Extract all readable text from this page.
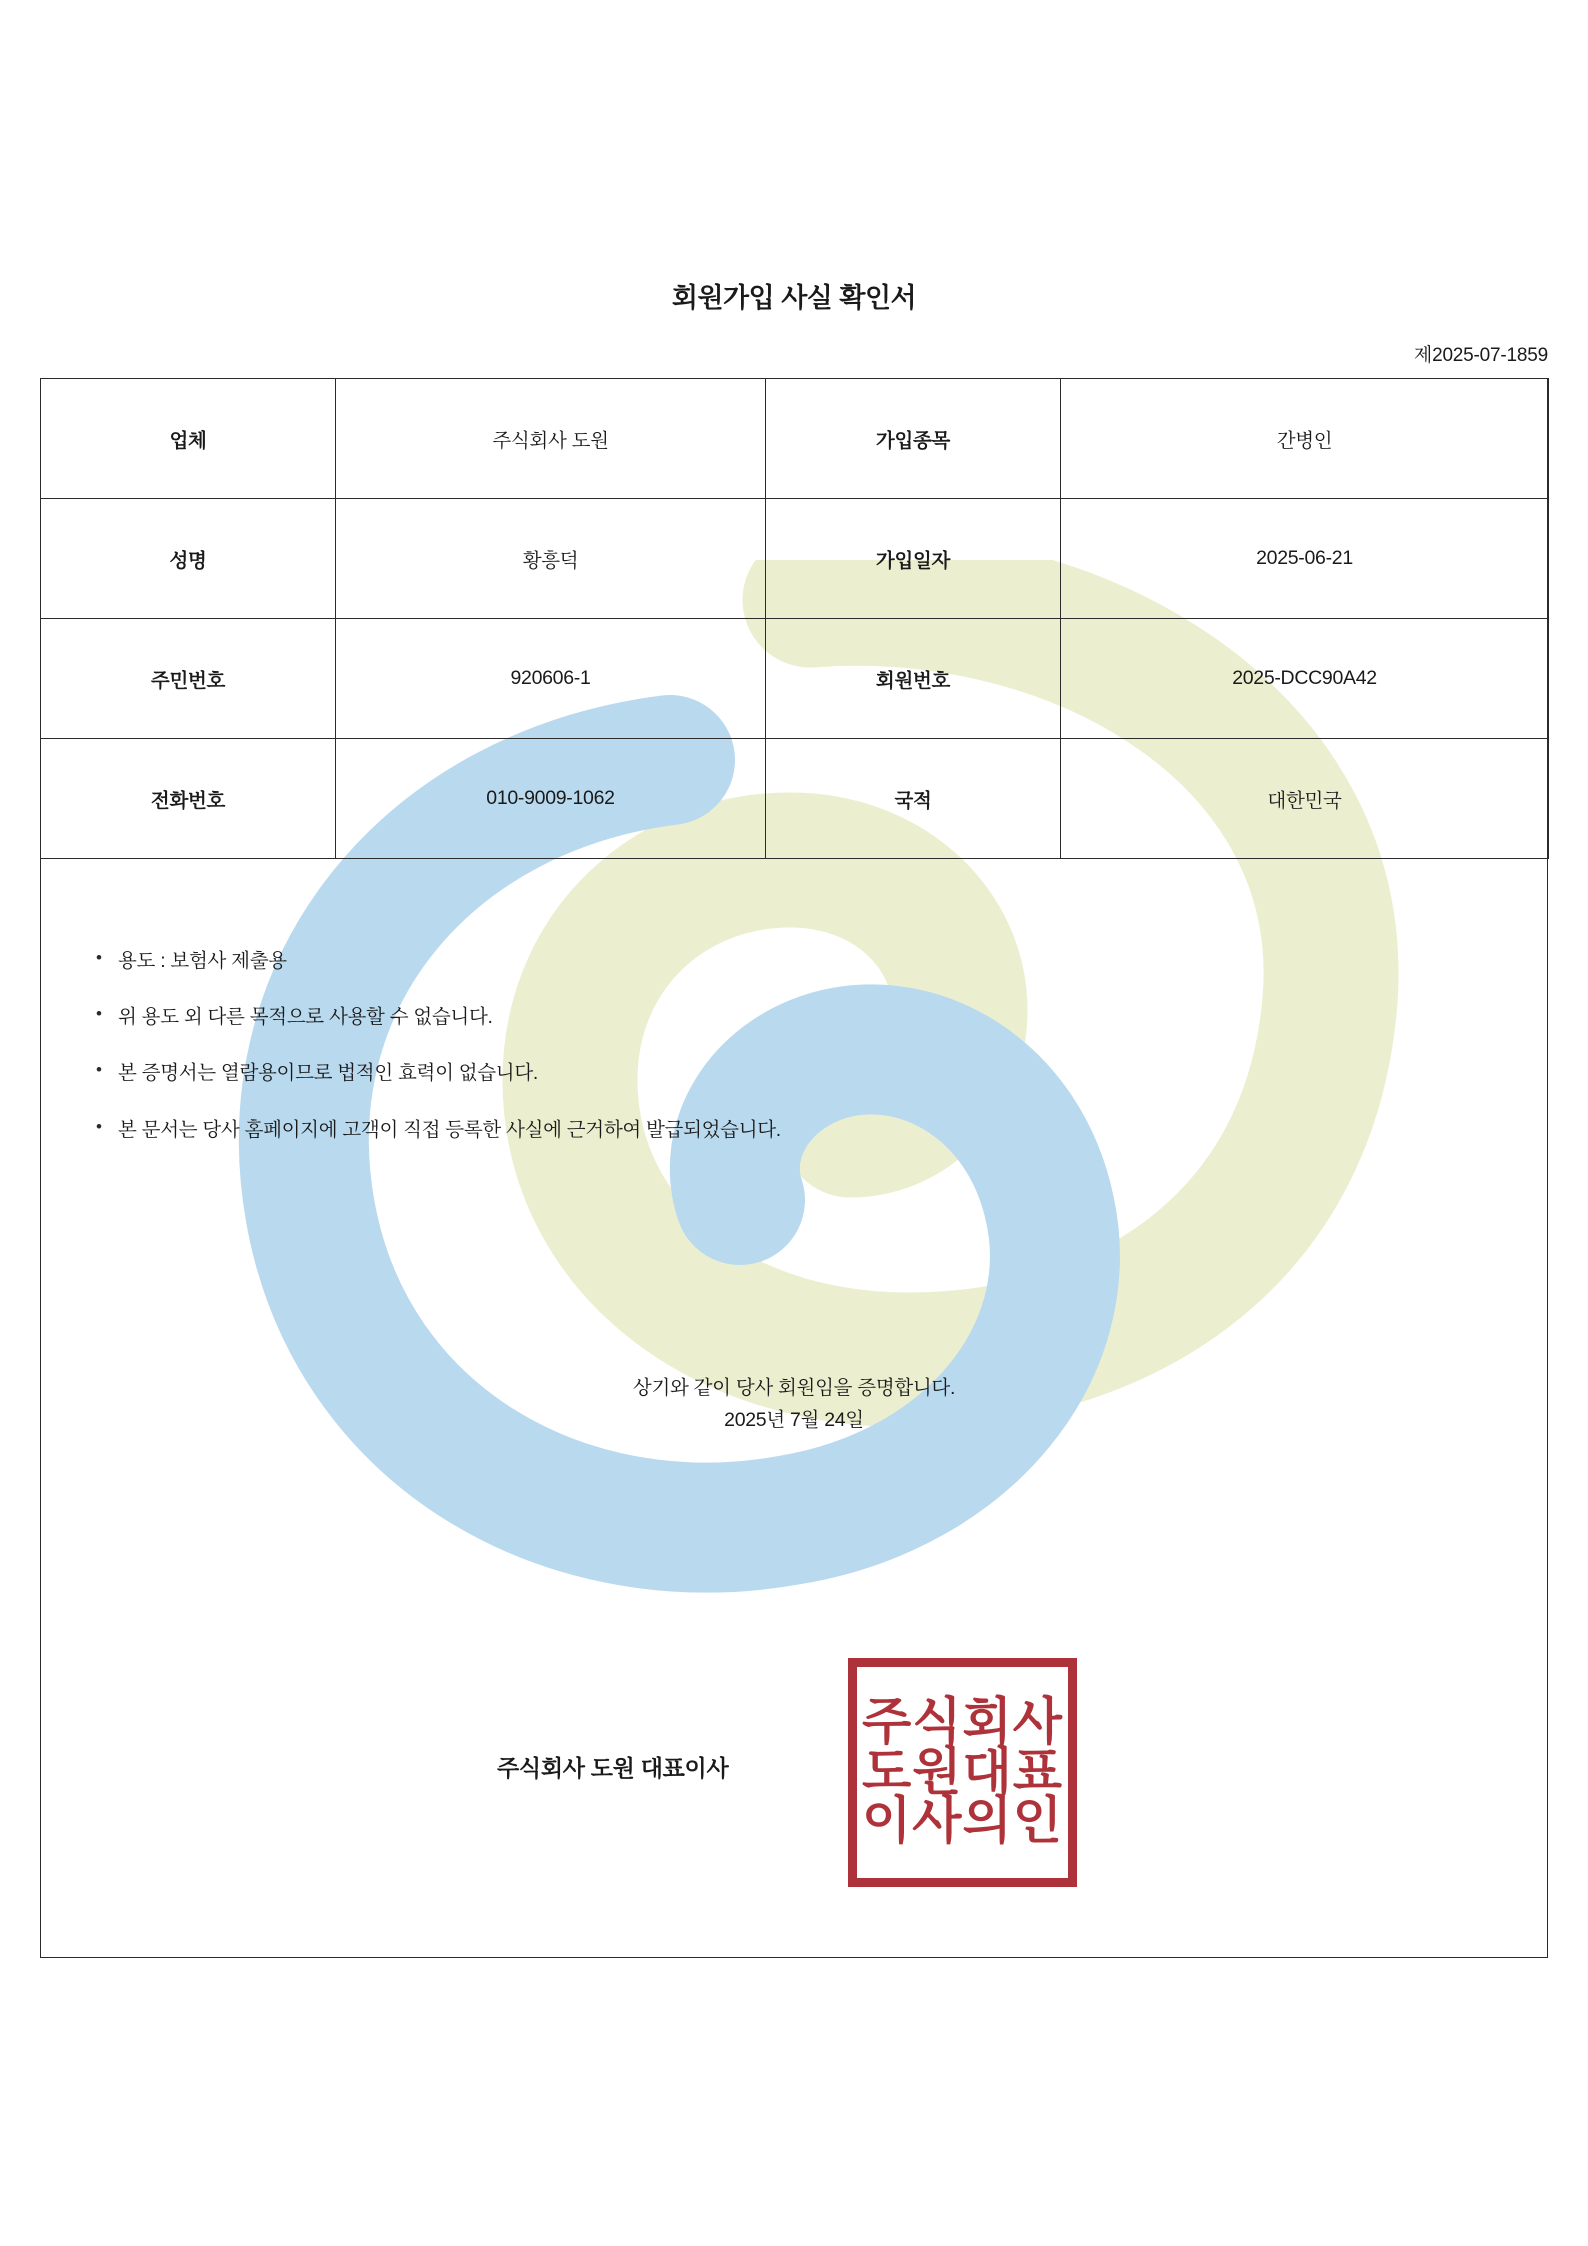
회원가입 사실 확인서
제2025-07-1859
업체	주식회사 도원	가입종목	간병인
성명	황흥덕	가입일자	2025-06-21
주민번호	920606-1	회원번호	2025-DCC90A42
전화번호	010-9009-1062	국적	대한민국
• 용도 : 보험사 제출용
• 위 용도 외 다른 목적으로 사용할 수 없습니다.
• 본 증명서는 열람용이므로 법적인 효력이 없습니다.
• 본 문서는 당사 홈페이지에 고객이 직접 등록한 사실에 근거하여 발급되었습니다.
상기와 같이 당사 회원임을 증명합니다.
2025년 7월 24일
주식회사 도원 대표이사
주식회사
도원대표
이사의인
